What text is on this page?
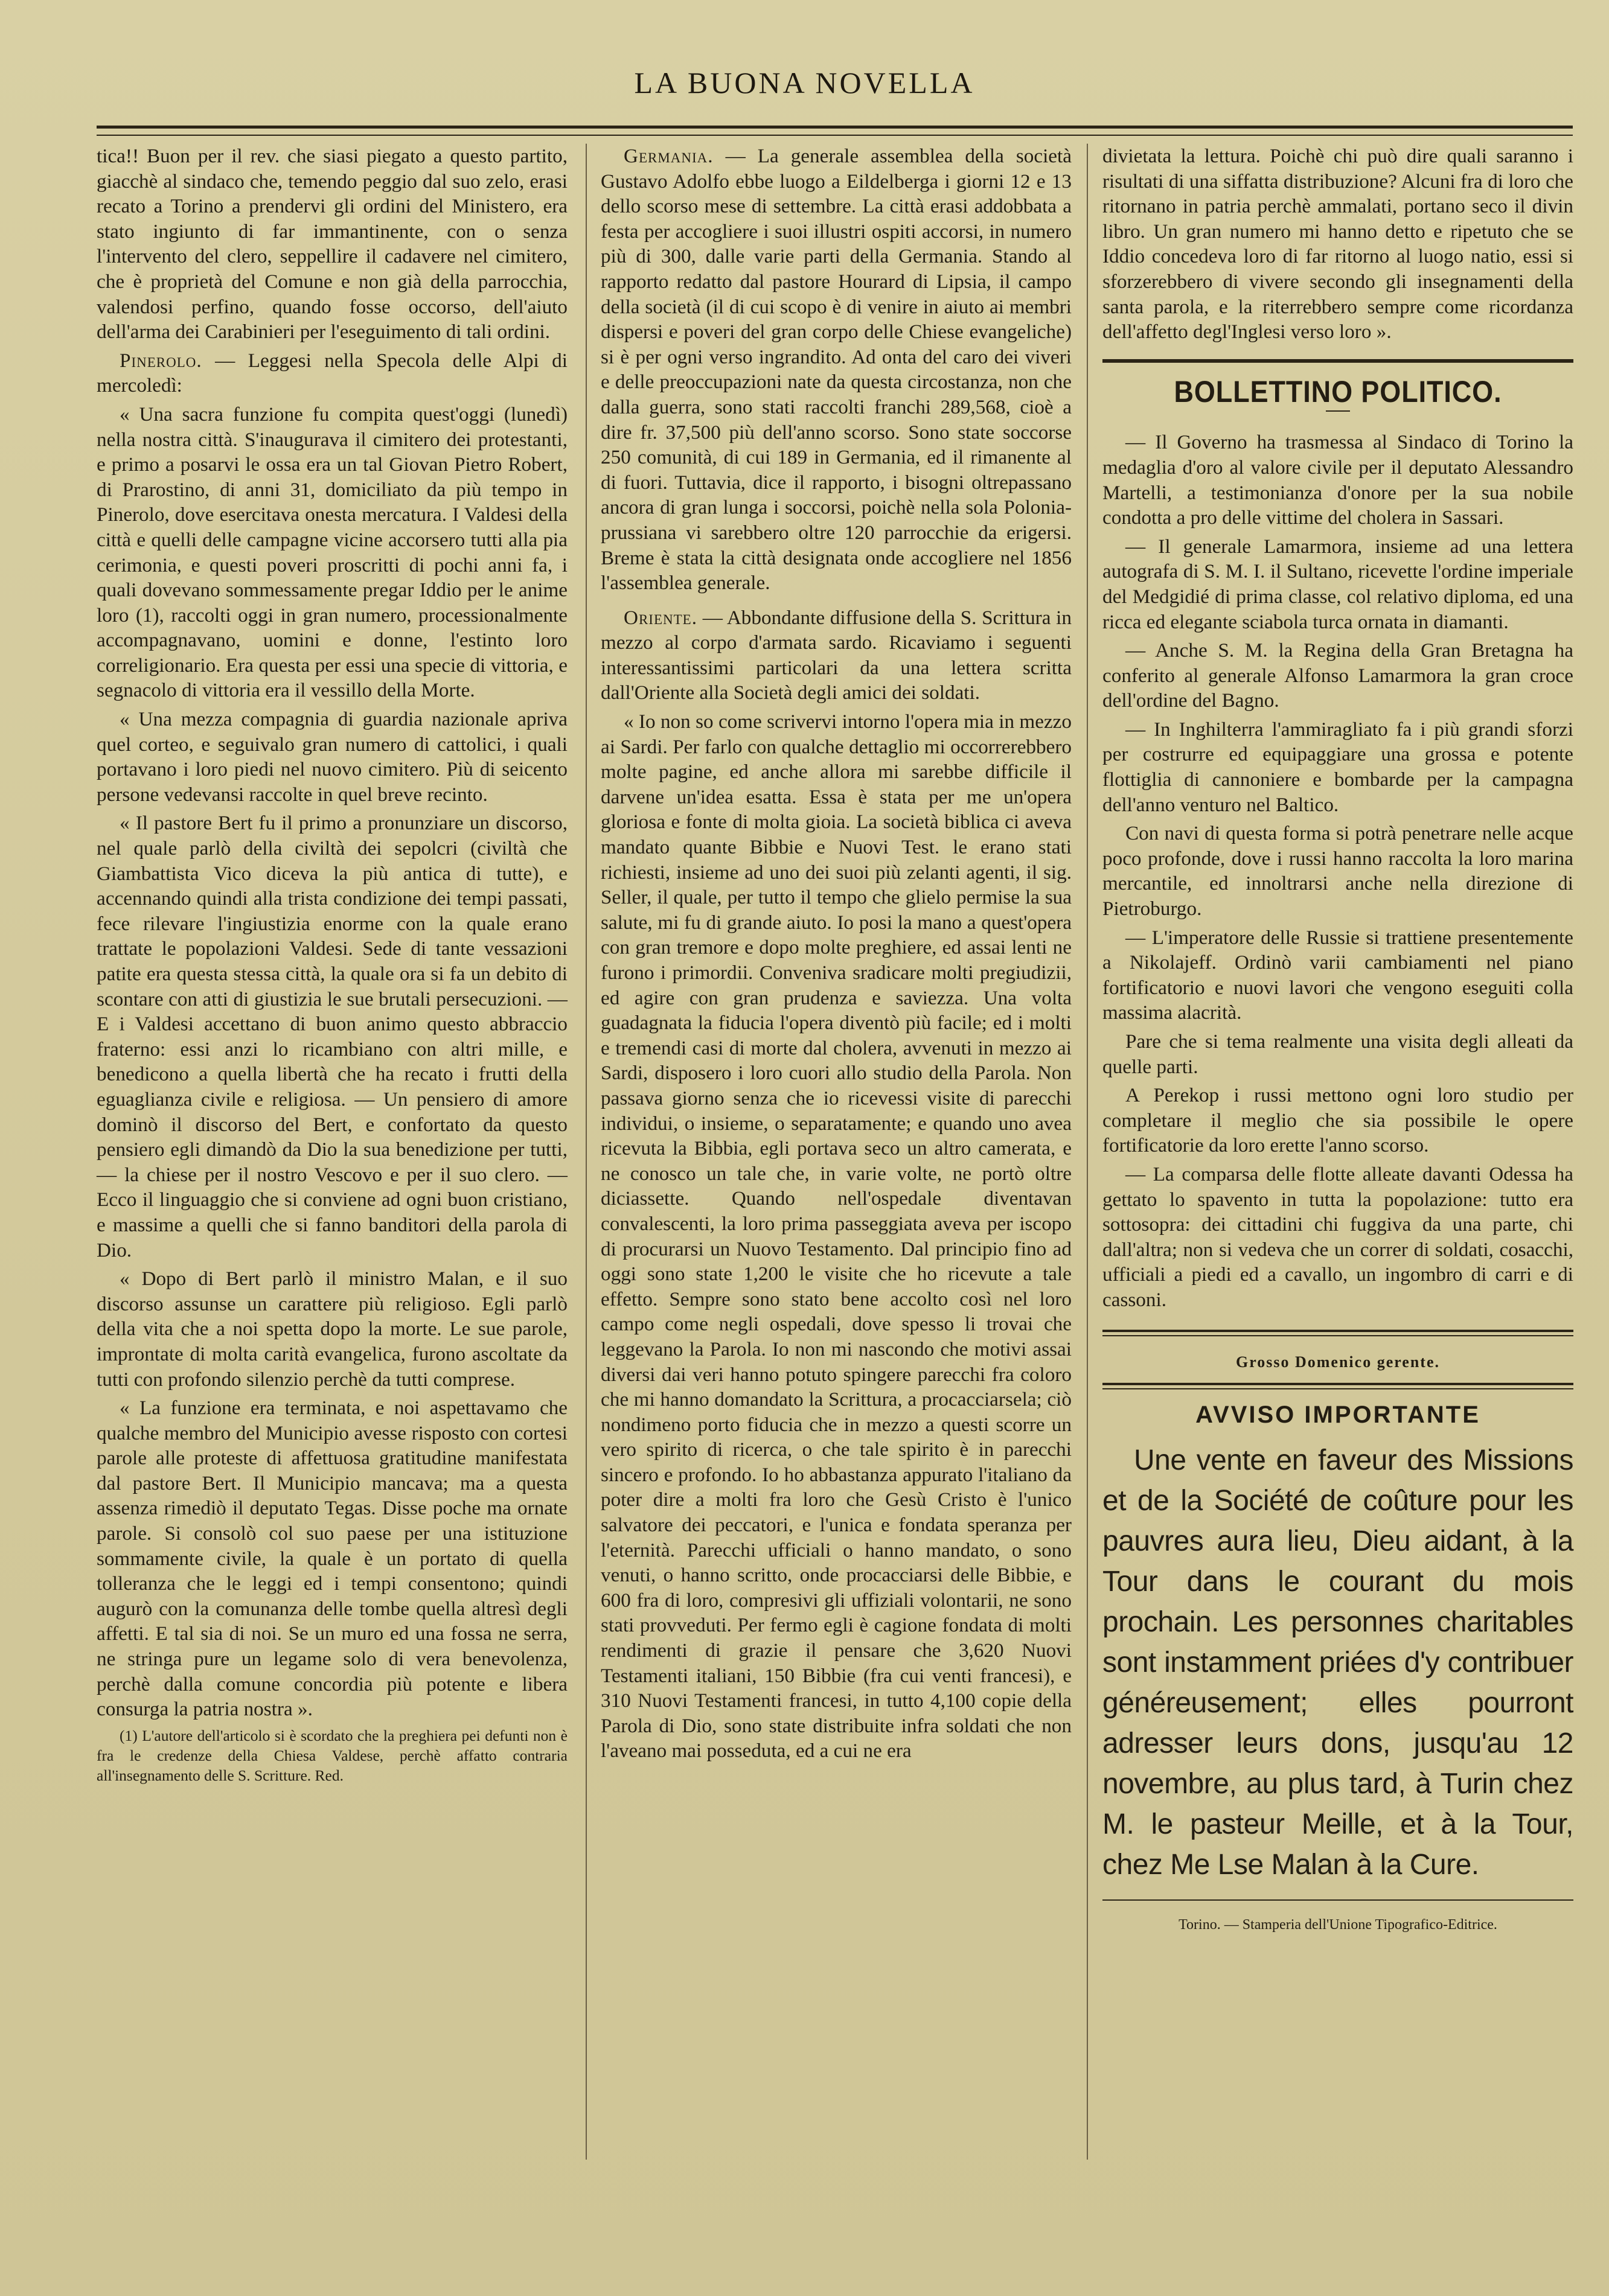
LA BUONA NOVELLA

tica!! Buon per il rev. che siasi piegato a questo partito, giacchè al sindaco che, temendo peggio dal suo zelo, erasi recato a Torino a prendervi gli ordini del Ministero, era stato ingiunto di far immantinente, con o senza l'intervento del clero, seppellire il cadavere nel cimitero, che è proprietà del Comune e non già della parrocchia, valendosi perfino, quando fosse occorso, dell'aiuto dell'arma dei Carabinieri per l'eseguimento di tali ordini.

Pinerolo. — Leggesi nella Specola delle Alpi di mercoledì:

« Una sacra funzione fu compita quest'oggi (lunedì) nella nostra città. S'inaugurava il cimitero dei protestanti, e primo a posarvi le ossa era un tal Giovan Pietro Robert, di Prarostino, di anni 31, domiciliato da più tempo in Pinerolo, dove esercitava onesta mercatura. I Valdesi della città e quelli delle campagne vicine accorsero tutti alla pia cerimonia, e questi poveri proscritti di pochi anni fa, i quali dovevano sommessamente pregar Iddio per le anime loro (1), raccolti oggi in gran numero, processionalmente accompagnavano, uomini e donne, l'estinto loro correligionario. Era questa per essi una specie di vittoria, e segnacolo di vittoria era il vessillo della Morte.

« Una mezza compagnia di guardia nazionale apriva quel corteo, e seguivalo gran numero di cattolici, i quali portavano i loro piedi nel nuovo cimitero. Più di seicento persone vedevansi raccolte in quel breve recinto.

« Il pastore Bert fu il primo a pronunziare un discorso, nel quale parlò della civiltà dei sepolcri (civiltà che Giambattista Vico diceva la più antica di tutte), e accennando quindi alla trista condizione dei tempi passati, fece rilevare l'ingiustizia enorme con la quale erano trattate le popolazioni Valdesi. Sede di tante vessazioni patite era questa stessa città, la quale ora si fa un debito di scontare con atti di giustizia le sue brutali persecuzioni. — E i Valdesi accettano di buon animo questo abbraccio fraterno: essi anzi lo ricambiano con altri mille, e benedicono a quella libertà che ha recato i frutti della eguaglianza civile e religiosa. — Un pensiero di amore dominò il discorso del Bert, e confortato da questo pensiero egli dimandò da Dio la sua benedizione per tutti, — la chiese per il nostro Vescovo e per il suo clero. — Ecco il linguaggio che si conviene ad ogni buon cristiano, e massime a quelli che si fanno banditori della parola di Dio.

« Dopo di Bert parlò il ministro Malan, e il suo discorso assunse un carattere più religioso. Egli parlò della vita che a noi spetta dopo la morte. Le sue parole, improntate di molta carità evangelica, furono ascoltate da tutti con profondo silenzio perchè da tutti comprese.

« La funzione era terminata, e noi aspettavamo che qualche membro del Municipio avesse risposto con cortesi parole alle proteste di affettuosa gratitudine manifestata dal pastore Bert. Il Municipio mancava; ma a questa assenza rimediò il deputato Tegas. Disse poche ma ornate parole. Si consolò col suo paese per una istituzione sommamente civile, la quale è un portato di quella tolleranza che le leggi ed i tempi consentono; quindi augurò con la comunanza delle tombe quella altresì degli affetti. E tal sia di noi. Se un muro ed una fossa ne serra, ne stringa pure un legame solo di vera benevolenza, perchè dalla comune concordia più potente e libera consurga la patria nostra ».

(1) L'autore dell'articolo si è scordato che la preghiera pei defunti non è fra le credenze della Chiesa Valdese, perchè affatto contraria all'insegnamento delle S. Scritture. Red.

Germania. — La generale assemblea della società Gustavo Adolfo ebbe luogo a Eildelberga i giorni 12 e 13 dello scorso mese di settembre. La città erasi addobbata a festa per accogliere i suoi illustri ospiti accorsi, in numero più di 300, dalle varie parti della Germania. Stando al rapporto redatto dal pastore Hourard di Lipsia, il campo della società (il di cui scopo è di venire in aiuto ai membri dispersi e poveri del gran corpo delle Chiese evangeliche) si è per ogni verso ingrandito. Ad onta del caro dei viveri e delle preoccupazioni nate da questa circostanza, non che dalla guerra, sono stati raccolti franchi 289,568, cioè a dire fr. 37,500 più dell'anno scorso. Sono state soccorse 250 comunità, di cui 189 in Germania, ed il rimanente al di fuori. Tuttavia, dice il rapporto, i bisogni oltrepassano ancora di gran lunga i soccorsi, poichè nella sola Polonia-prussiana vi sarebbero oltre 120 parrocchie da erigersi. Breme è stata la città designata onde accogliere nel 1856 l'assemblea generale.

Oriente. — Abbondante diffusione della S. Scrittura in mezzo al corpo d'armata sardo. Ricaviamo i seguenti interessantissimi particolari da una lettera scritta dall'Oriente alla Società degli amici dei soldati.

« Io non so come scrivervi intorno l'opera mia in mezzo ai Sardi. Per farlo con qualche dettaglio mi occorrerebbero molte pagine, ed anche allora mi sarebbe difficile il darvene un'idea esatta. Essa è stata per me un'opera gloriosa e fonte di molta gioia. La società biblica ci aveva mandato quante Bibbie e Nuovi Test. le erano stati richiesti, insieme ad uno dei suoi più zelanti agenti, il sig. Seller, il quale, per tutto il tempo che glielo permise la sua salute, mi fu di grande aiuto. Io posi la mano a quest'opera con gran tremore e dopo molte preghiere, ed assai lenti ne furono i primordii. Conveniva sradicare molti pregiudizii, ed agire con gran prudenza e saviezza. Una volta guadagnata la fiducia l'opera diventò più facile; ed i molti e tremendi casi di morte dal cholera, avvenuti in mezzo ai Sardi, disposero i loro cuori allo studio della Parola. Non passava giorno senza che io ricevessi visite di parecchi individui, o insieme, o separatamente; e quando uno avea ricevuta la Bibbia, egli portava seco un altro camerata, e ne conosco un tale che, in varie volte, ne portò oltre diciassette. Quando nell'ospedale diventavan convalescenti, la loro prima passeggiata aveva per iscopo di procurarsi un Nuovo Testamento. Dal principio fino ad oggi sono state 1,200 le visite che ho ricevute a tale effetto. Sempre sono stato bene accolto così nel loro campo come negli ospedali, dove spesso li trovai che leggevano la Parola. Io non mi nascondo che motivi assai diversi dai veri hanno potuto spingere parecchi fra coloro che mi hanno domandato la Scrittura, a procacciarsela; ciò nondimeno porto fiducia che in mezzo a questi scorre un vero spirito di ricerca, o che tale spirito è in parecchi sincero e profondo. Io ho abbastanza appurato l'italiano da poter dire a molti fra loro che Gesù Cristo è l'unico salvatore dei peccatori, e l'unica e fondata speranza per l'eternità. Parecchi ufficiali o hanno mandato, o sono venuti, o hanno scritto, onde procacciarsi delle Bibbie, e 600 fra di loro, compresivi gli uffiziali volontarii, ne sono stati provveduti. Per fermo egli è cagione fondata di molti rendimenti di grazie il pensare che 3,620 Nuovi Testamenti italiani, 150 Bibbie (fra cui venti francesi), e 310 Nuovi Testamenti francesi, in tutto 4,100 copie della Parola di Dio, sono state distribuite infra soldati che non l'aveano mai posseduta, ed a cui ne era

divietata la lettura. Poichè chi può dire quali saranno i risultati di una siffatta distribuzione? Alcuni fra di loro che ritornano in patria perchè ammalati, portano seco il divin libro. Un gran numero mi hanno detto e ripetuto che se Iddio concedeva loro di far ritorno al luogo natio, essi si sforzerebbero di vivere secondo gli insegnamenti della santa parola, e la riterrebbero sempre come ricordanza dell'affetto degl'Inglesi verso loro ».

BOLLETTINO POLITICO.

— Il Governo ha trasmessa al Sindaco di Torino la medaglia d'oro al valore civile per il deputato Alessandro Martelli, a testimonianza d'onore per la sua nobile condotta a pro delle vittime del cholera in Sassari.

— Il generale Lamarmora, insieme ad una lettera autografa di S. M. I. il Sultano, ricevette l'ordine imperiale del Medgidié di prima classe, col relativo diploma, ed una ricca ed elegante sciabola turca ornata in diamanti.

— Anche S. M. la Regina della Gran Bretagna ha conferito al generale Alfonso Lamarmora la gran croce dell'ordine del Bagno.

— In Inghilterra l'ammiragliato fa i più grandi sforzi per costrurre ed equipaggiare una grossa e potente flottiglia di cannoniere e bombarde per la campagna dell'anno venturo nel Baltico.

Con navi di questa forma si potrà penetrare nelle acque poco profonde, dove i russi hanno raccolta la loro marina mercantile, ed innoltrarsi anche nella direzione di Pietroburgo.

— L'imperatore delle Russie si trattiene presentemente a Nikolajeff. Ordinò varii cambiamenti nel piano fortificatorio e nuovi lavori che vengono eseguiti colla massima alacrità.

Pare che si tema realmente una visita degli alleati da quelle parti.

A Perekop i russi mettono ogni loro studio per completare il meglio che sia possibile le opere fortificatorie da loro erette l'anno scorso.

— La comparsa delle flotte alleate davanti Odessa ha gettato lo spavento in tutta la popolazione: tutto era sottosopra: dei cittadini chi fuggiva da una parte, chi dall'altra; non si vedeva che un correr di soldati, cosacchi, ufficiali a piedi ed a cavallo, un ingombro di carri e di cassoni.

Grosso Domenico gerente.
AVVISO IMPORTANTE
Une vente en faveur des Missions et de la Société de coûture pour les pauvres aura lieu, Dieu aidant, à la Tour dans le courant du mois prochain. Les personnes charitables sont instamment priées d'y contribuer généreusement; elles pourront adresser leurs dons, jusqu'au 12 novembre, au plus tard, à Turin chez M. le pasteur Meille, et à la Tour, chez Me Lse Malan à la Cure.
Torino. — Stamperia dell'Unione Tipografico-Editrice.
